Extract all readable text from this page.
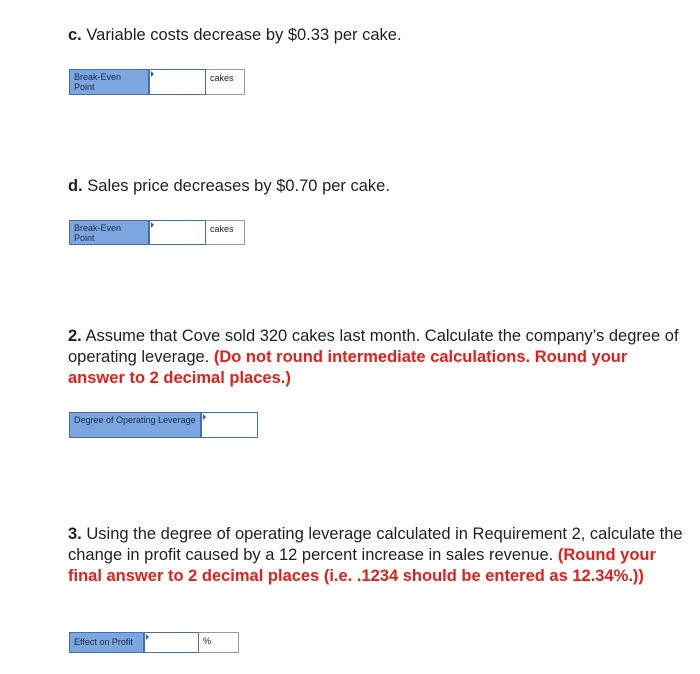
c. Variable costs decrease by $0.33 per cake.
Break-Even Point
cakes
d. Sales price decreases by $0.70 per cake.
Break-Even Point
cakes
2. Assume that Cove sold 320 cakes last month. Calculate the company’s degree of operating leverage. (Do not round intermediate calculations. Round your answer to 2 decimal places.)
Degree of Operating Leverage
3. Using the degree of operating leverage calculated in Requirement 2, calculate the change in profit caused by a 12 percent increase in sales revenue. (Round your final answer to 2 decimal places (i.e. .1234 should be entered as 12.34%.))
Effect on Profit	%
